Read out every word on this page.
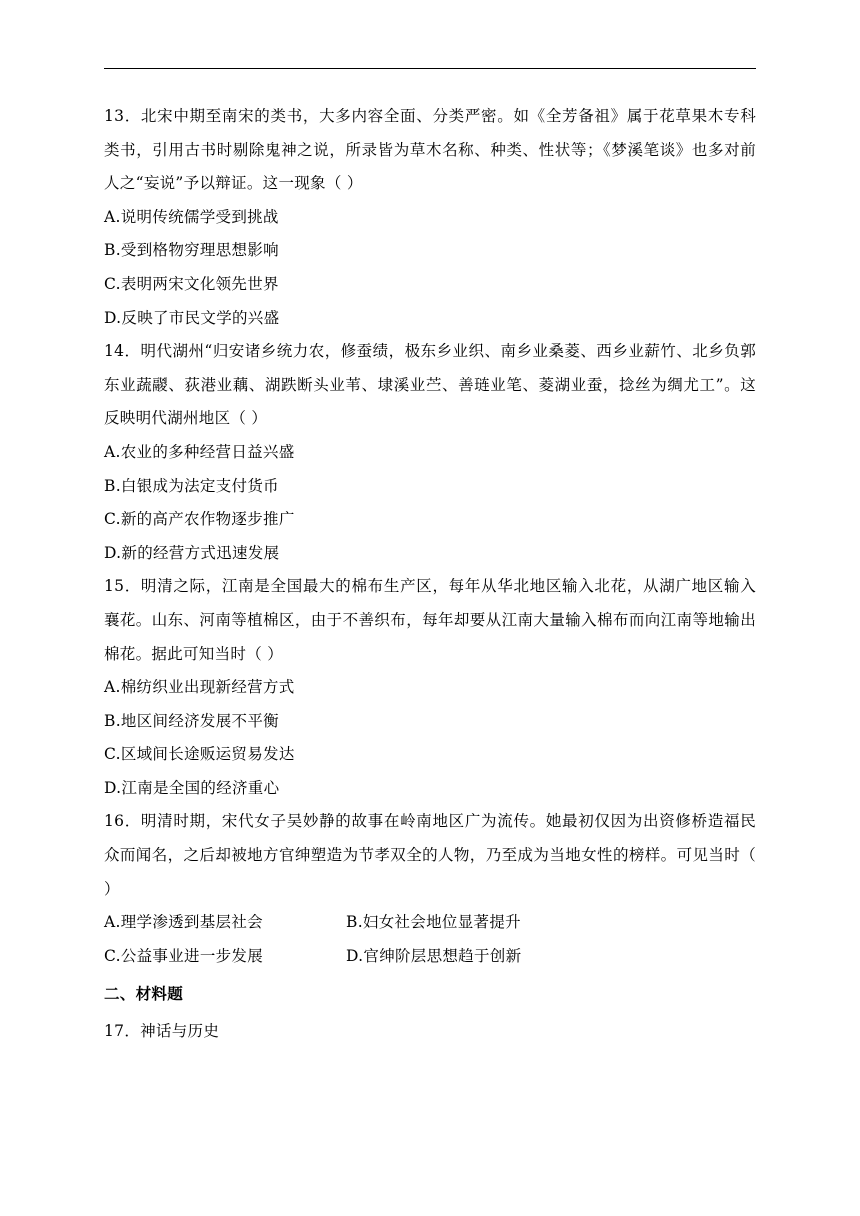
13．北宋中期至南宋的类书，大多内容全面、分类严密。如《全芳备祖》属于花草果木专科类书，引用古书时剔除鬼神之说，所录皆为草木名称、种类、性状等；《梦溪笔谈》也多对前人之“妄说”予以辩证。这一现象（ ）

A.说明传统儒学受到挑战

B.受到格物穷理思想影响

C.表明两宋文化领先世界

D.反映了市民文学的兴盛

14．明代湖州“归安诸乡统力农，修蚕绩，极东乡业织、南乡业桑菱、西乡业薪竹、北乡负郭东业蔬鬷、荻港业藕、湖跌断头业苇、埭溪业苎、善琏业笔、菱湖业蚕，捻丝为绸尤工”。这反映明代湖州地区（ ）

A.农业的多种经营日益兴盛

B.白银成为法定支付货币

C.新的高产农作物逐步推广

D.新的经营方式迅速发展

15．明清之际，江南是全国最大的棉布生产区，每年从华北地区输入北花，从湖广地区输入襄花。山东、河南等植棉区，由于不善织布，每年却要从江南大量输入棉布而向江南等地输出棉花。据此可知当时（ ）

A.棉纺织业出现新经营方式

B.地区间经济发展不平衡

C.区域间长途贩运贸易发达

D.江南是全国的经济重心

16．明清时期，宋代女子吴妙静的故事在岭南地区广为流传。她最初仅因为出资修桥造福民众而闻名，之后却被地方官绅塑造为节孝双全的人物，乃至成为当地女性的榜样。可见当时（ ）

A.理学渗透到基层社会	B.妇女社会地位显著提升
C.公益事业进一步发展	D.官绅阶层思想趋于创新

二、材料题

17．神话与历史
